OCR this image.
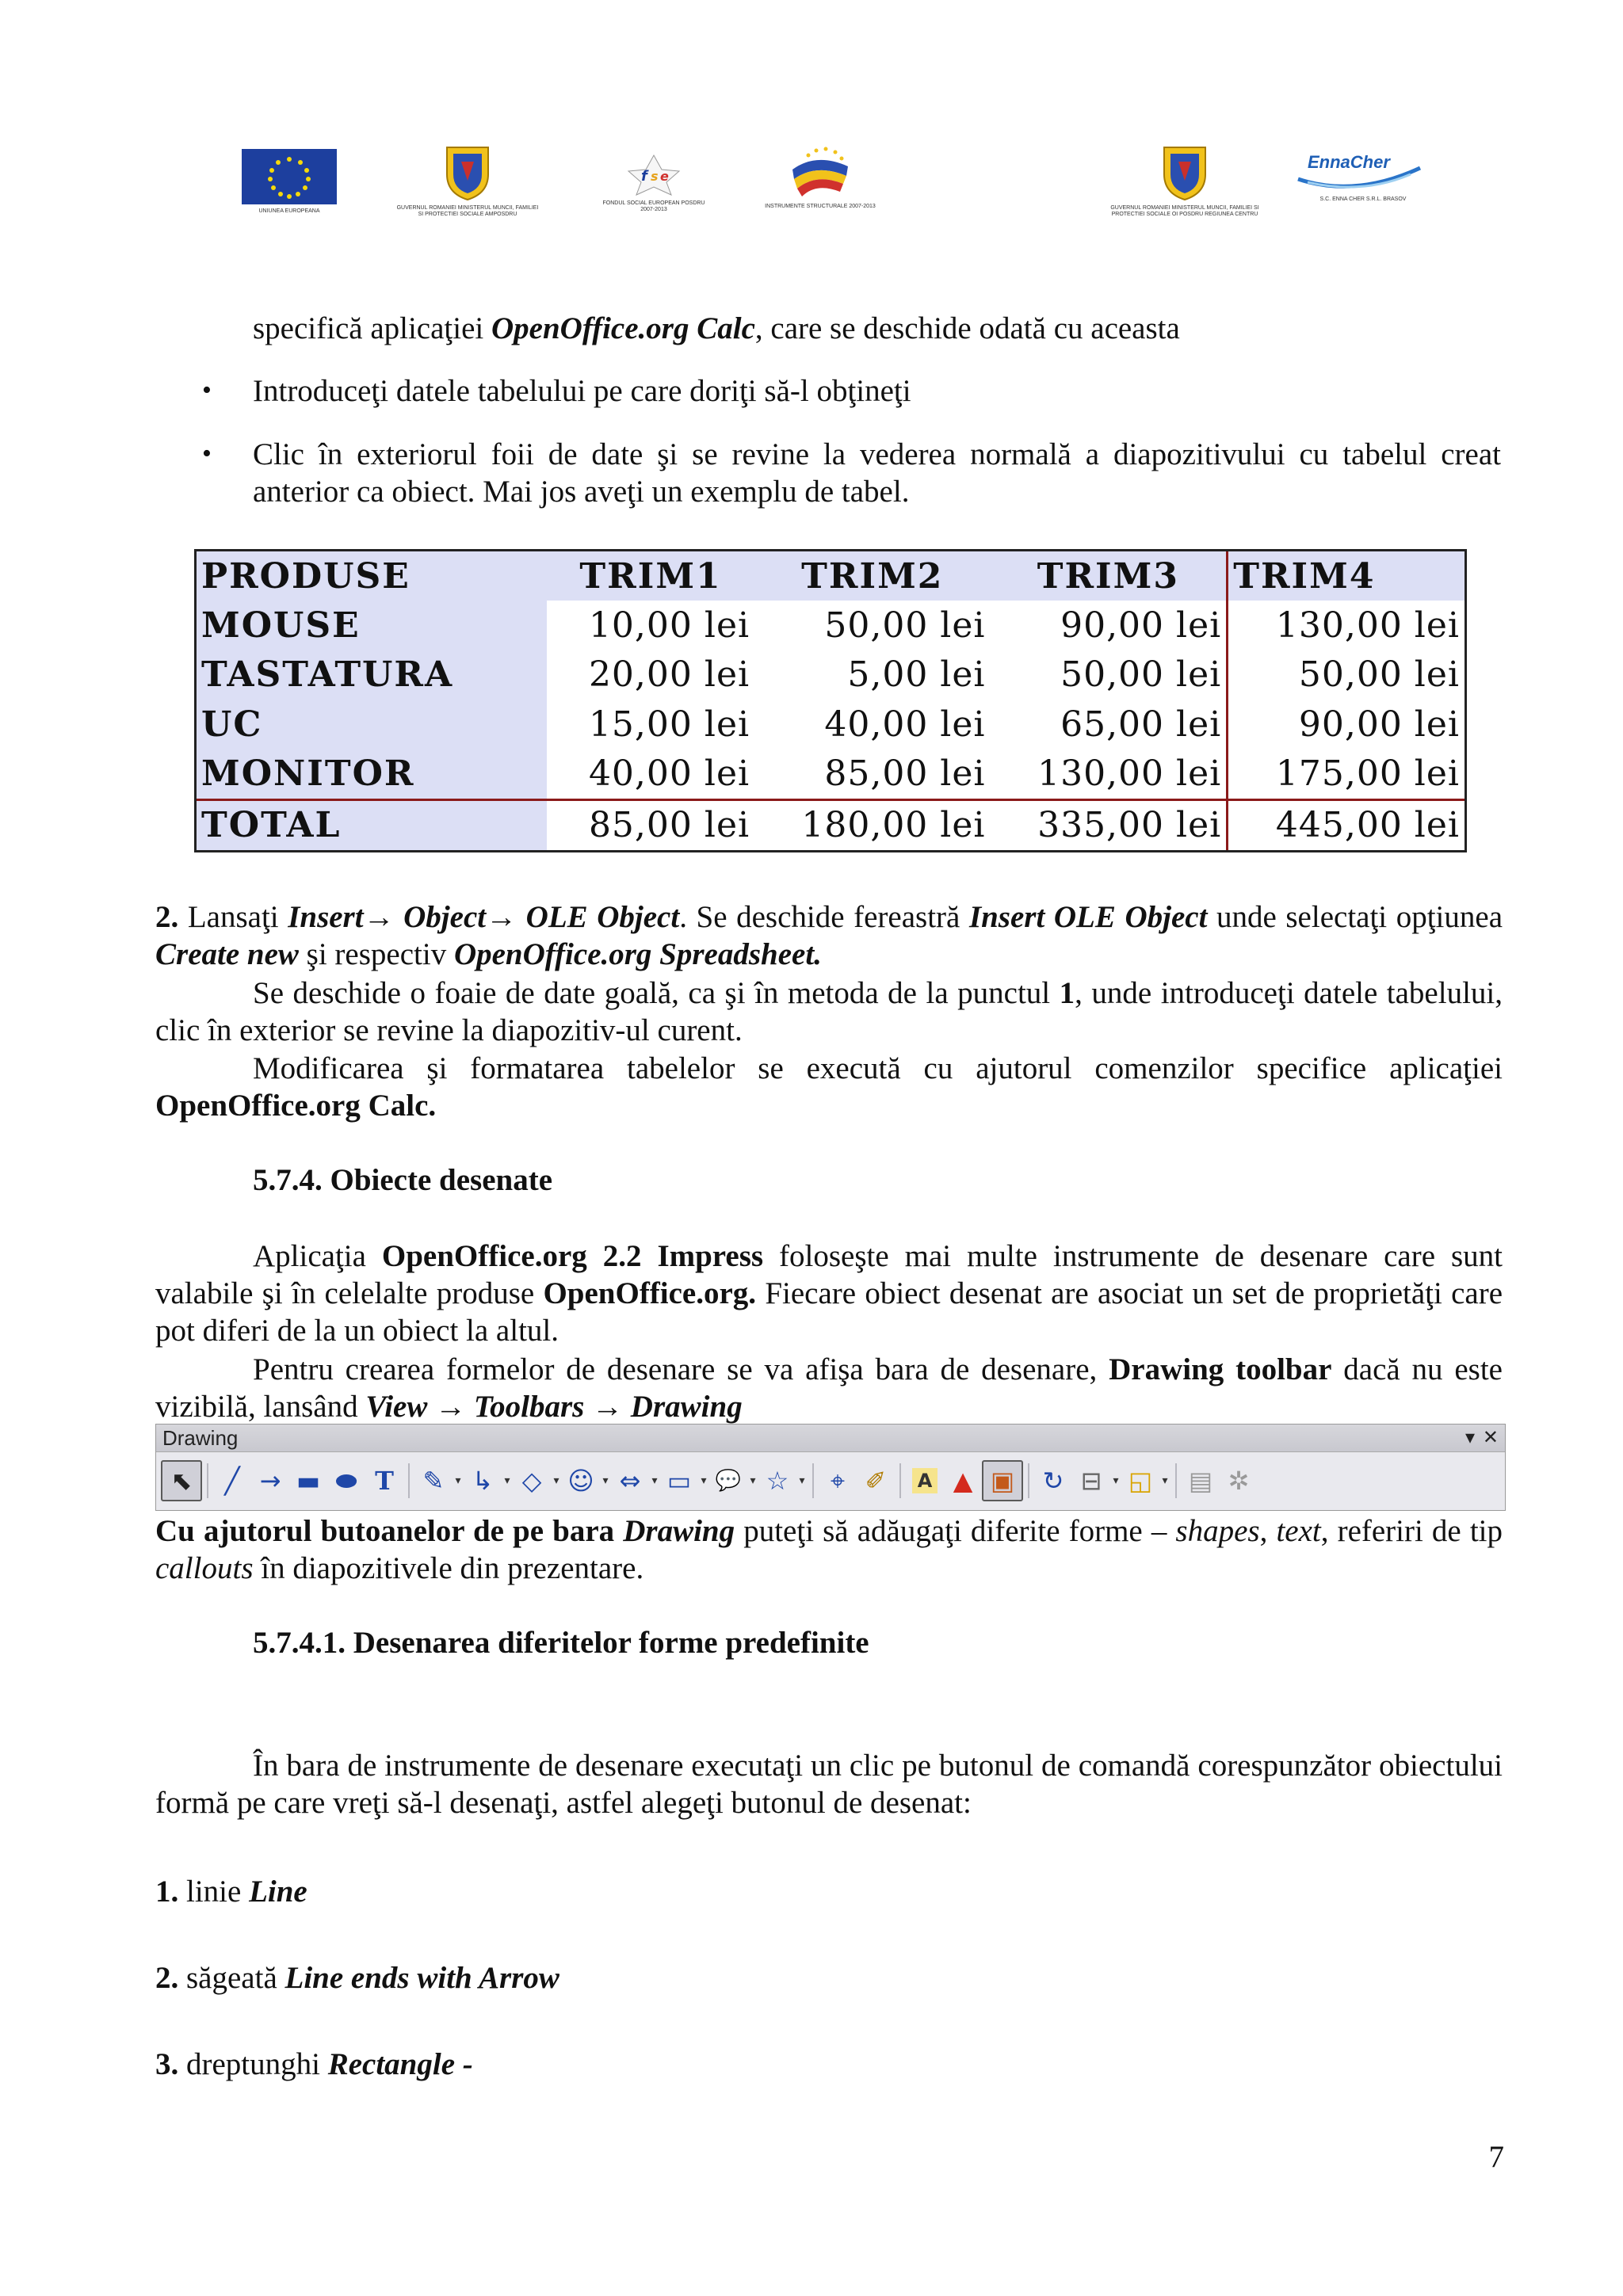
UNIUNEA EUROPEANA
GUVERNUL ROMANIEI MINISTERUL MUNCII, FAMILIEI SI PROTECTIEI SOCIALE AMPOSDRU
f s e
FONDUL SOCIAL EUROPEAN POSDRU 2007-2013
INSTRUMENTE STRUCTURALE 2007-2013	GUVERNUL ROMANIEI MINISTERUL MUNCII, FAMILIEI SI PROTECTIEI SOCIALE OI POSDRU REGIUNEA CENTRU
EnnaCher
S.C. ENNA CHER S.R.L. BRASOV
specifică aplicaţiei OpenOffice.org Calc, care se deschide odată cu aceasta
• Introduceţi datele tabelului pe care doriţi să-l obţineţi
• Clic în exteriorul foii de date şi se revine la vederea normală a diapozitivului cu tabelul creat anterior ca obiect. Mai jos aveţi un exemplu de tabel.
PRODUSE	TRIM1	TRIM2	TRIM3	TRIM4
MOUSE	10,00 lei	50,00 lei	90,00 lei	130,00 lei
TASTATURA	20,00 lei	5,00 lei	50,00 lei	50,00 lei
UC	15,00 lei	40,00 lei	65,00 lei	90,00 lei
MONITOR	40,00 lei	85,00 lei	130,00 lei	175,00 lei
TOTAL	85,00 lei	180,00 lei	335,00 lei	445,00 lei
2. Lansaţi Insert→ Object→ OLE Object. Se deschide fereastră Insert OLE Object unde selectaţi opţiunea Create new şi respectiv OpenOffice.org Spreadsheet.
Se deschide o foaie de date goală, ca şi în metoda de la punctul 1, unde introduceţi datele tabelului, clic în exterior se revine la diapozitiv-ul curent.
Modificarea şi formatarea tabelelor se execută cu ajutorul comenzilor specifice aplicaţiei OpenOffice.org Calc.
5.7.4. Obiecte desenate
Aplicaţia OpenOffice.org 2.2 Impress foloseşte mai multe instrumente de desenare care sunt valabile şi în celelalte produse OpenOffice.org. Fiecare obiect desenat are asociat un set de proprietăţi care pot diferi de la un obiect la altul.
Pentru crearea formelor de desenare se va afişa bara de desenare, Drawing toolbar dacă nu este vizibilă, lansând View → Toolbars → Drawing
Drawing	▾ ✕
⬉	╱ → ▬ ⬬ T	✎	▾ ↳	▾ ◇	▾ ☺ ▾ ⇔	▾ ▭ ▾ 💬 ▾ ☆ ▾	⌖ ✐	A ▲ ▣	↻ ⊟	▾ ◱ ▾ ▤ ✲
Cu ajutorul butoanelor de pe bara Drawing puteţi să adăugaţi diferite forme – shapes, text, referiri de tip callouts în diapozitivele din prezentare.
5.7.4.1. Desenarea diferitelor forme predefinite
În bara de instrumente de desenare executaţi un clic pe butonul de comandă corespunzător obiectului formă pe care vreţi să-l desenaţi, astfel alegeţi butonul de desenat:
1. linie Line
2. săgeată Line ends with Arrow
3. dreptunghi Rectangle -
7
